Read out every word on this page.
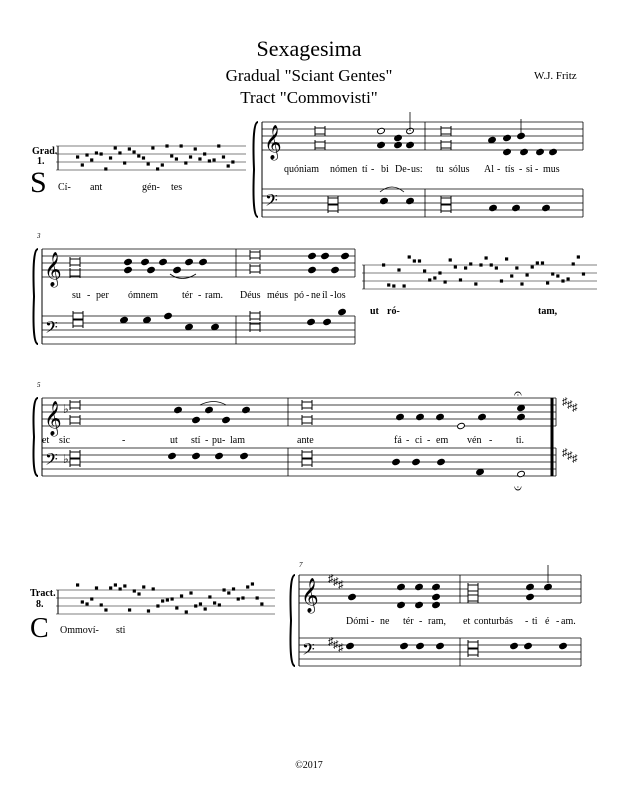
Sexagesima
Gradual "Sciant Gentes"
Tract "Commovisti"
W.J. Fritz
©2017
𝄞
𝄢
𝄞
𝄢
𝄞
𝄢
♭
♭
♯
♯
♯
♯
♯
♯
𝄐
𝄑
𝄞
𝄢
♯
♯
♯
♯
♯
♯
Grad.
1.
S Cí- ant	gén- tes
Tract.
8.
C Ommoví- sti
quóniam nómen tí - bi De - us: tu sólus Al - tís - si - mus
3
su - per ómnem tér - ram. Déus méus pó - ne íl - los
ut ró-	tam,
5
et sic	-	ut stí - pu - lam	ante	fá - ci - em vén - ti.
7
Dómi - ne tér - ram, et conturbás - ti é - am.
